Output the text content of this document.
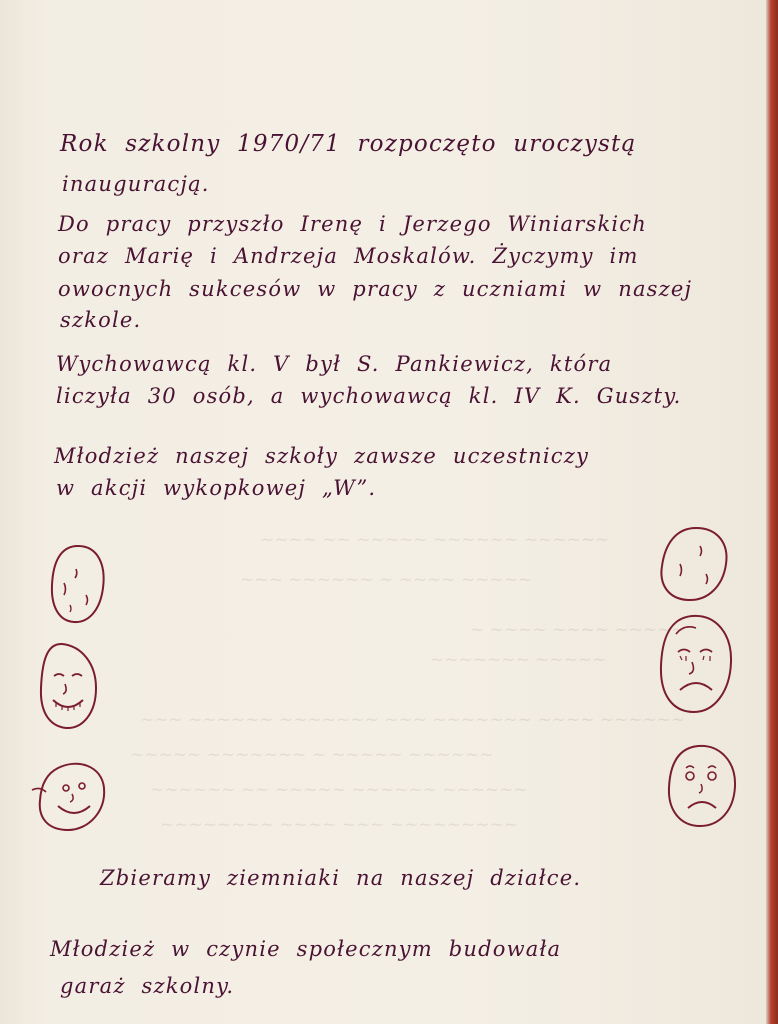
~~~~ ~~ ~~~~~ ~~~~~~ ~~~~~~
~~~ ~~~~~~ ~ ~~~~ ~~~~~
~ ~~~~ ~~~~ ~~~~~
~~~~~~~ ~~~~~
~~~ ~~~~~~ ~~~~~~~ ~~~ ~~~~~~~ ~~~~ ~~~~~~
~~~~~ ~~~~~~~ ~ ~~~~~ ~~~~~~
~~~~~~ ~~ ~~~~~ ~~~~~~ ~~~~~~
~~~~~~~~ ~~~~ ~~~ ~~~~~~~~~

Rok szkolny 1970/71 rozpoczęto uroczystą

inauguracją.

Do pracy przyszło Irenę i Jerzego Winiarskich

oraz Marię i Andrzeja Moskalów. Życzymy im

owocnych sukcesów w pracy z uczniami w naszej

szkole.

Wychowawcą kl. V był S. Pankiewicz, która

liczyła 30 osób, a wychowawcą kl. IV K. Guszty.

Młodzież naszej szkoły zawsze uczestniczy

w akcji wykopkowej „W”.

Zbieramy ziemniaki na naszej działce.

Młodzież w czynie społecznym budowała

garaż szkolny.
